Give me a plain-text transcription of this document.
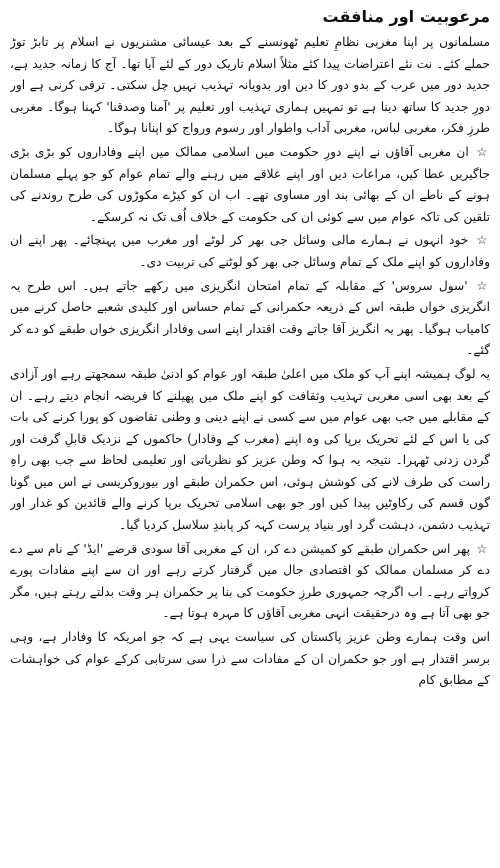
مرعوبیت اور منافقت
مسلمانوں پر اپنا مغربی نظامِ تعلیم ٹھونسنے کے بعد عیسائی مشنریوں نے اسلام پر تابڑ توڑ حملے کئے۔ نت نئے اعتراضات پیدا کئے مثلاً اسلام تاریک دور کے لئے آیا تھا۔ آج کا زمانہ جدید ہے، جدید دور میں عرب کے بدو دور کا دین اور بدویانہ تہذیب نہیں چل سکتی۔ ترقی کرنی ہے اور دورِ جدید کا ساتھ دینا ہے تو تمہیں ہماری تہذیب اور تعلیم پر 'آمنا وصدقنا' کہنا ہوگا۔ مغربی طرزِ فکر، مغربی لباس، مغربی آداب واطوار اور رسوم ورواج کو اپنانا ہوگا۔
☆ ان مغربی آقاؤں نے اپنے دورِ حکومت میں اسلامی ممالک میں اپنے وفاداروں کو بڑی بڑی جاگیریں عطا کیں، مراعات دیں اور اپنے علاقے میں رہنے والے تمام عوام کو جو پہلے مسلمان ہونے کے ناطے ان کے بھائی بند اور مساوی تھے۔ اب ان کو کیڑے مکوڑوں کی طرح روندنے کی تلقین کی تاکہ عوام میں سے کوئی ان کی حکومت کے خلاف اُف تک نہ کرسکے۔
☆ خود انہوں نے ہمارے مالی وسائل جی بھر کر لوٹے اور مغرب میں پہنچائے۔ پھر اپنے ان وفاداروں کو اپنے ملک کے تمام وسائل جی بھر کو لوٹنے کی تربیت دی۔
☆ 'سول سروس' کے مقابلہ کے تمام امتحان انگریزی میں رکھے جاتے ہیں۔ اس طرح یہ انگریزی خواں طبقہ اس کے ذریعہ حکمرانی کے تمام حساس اور کلیدی شعبے حاصل کرنے میں کامیاب ہوگیا۔ پھر یہ انگریز آقا جاتے وقت اقتدار اپنے اسی وفادار انگریزی خواں طبقے کو دے کر گئے۔
یہ لوگ ہمیشہ اپنے آپ کو ملک میں اعلیٰ طبقہ اور عوام کو ادنیٰ طبقہ سمجھتے رہے اور آزادی کے بعد بھی اسی مغربی تہذیب وثقافت کو اپنے ملک میں پھیلنے کا فریضہ انجام دیتے رہے۔ ان کے مقابلے میں جب بھی عوام میں سے کسی نے اپنے دینی و وطنی تقاضوں کو پورا کرنے کی بات کی یا اس کے لئے تحریک برپا کی وہ اپنے (مغرب کے وفادار) حاکموں کے نزدیک قابلِ گرفت اور گردن زدنی ٹھہرا۔ نتیجہ یہ ہوا کہ وطن عزیز کو نظریاتی اور تعلیمی لحاظ سے جب بھی راہِ راست کی طرف لانے کی کوشش ہوئی، اس حکمران طبقے اور بیوروکریسی نے اس میں گونا گوں قسم کی رکاوٹیں پیدا کیں اور جو بھی اسلامی تحریک برپا کرنے والے قائدین کو غدار اور تہذیب دشمن، دہشت گرد اور بنیاد پرست کہہ کر پابندِ سلاسل کردیا گیا۔
☆ پھر اس حکمران طبقے کو کمیشن دے کر، ان کے مغربی آقا سودی قرضے 'ایڈ' کے نام سے دے دے کر مسلمان ممالک کو اقتصادی جال میں گرفتار کرتے رہے اور ان سے اپنے مفادات پورے کرواتے رہے۔ اب اگرچہ جمہوری طرزِ حکومت کی بنا پر حکمران ہر وقت بدلتے رہتے ہیں، مگر جو بھی آتا ہے وہ درحقیقت انہی مغربی آقاؤں کا مہرہ ہوتا ہے۔
اس وقت ہمارے وطن عزیز پاکستان کی سیاست یہی ہے کہ جو امریکہ کا وفادار ہے، وہی برسر اقتدار ہے اور جو حکمران ان کے مفادات سے ذرا سی سرتابی کرکے عوام کی خواہشات کے مطابق کام
